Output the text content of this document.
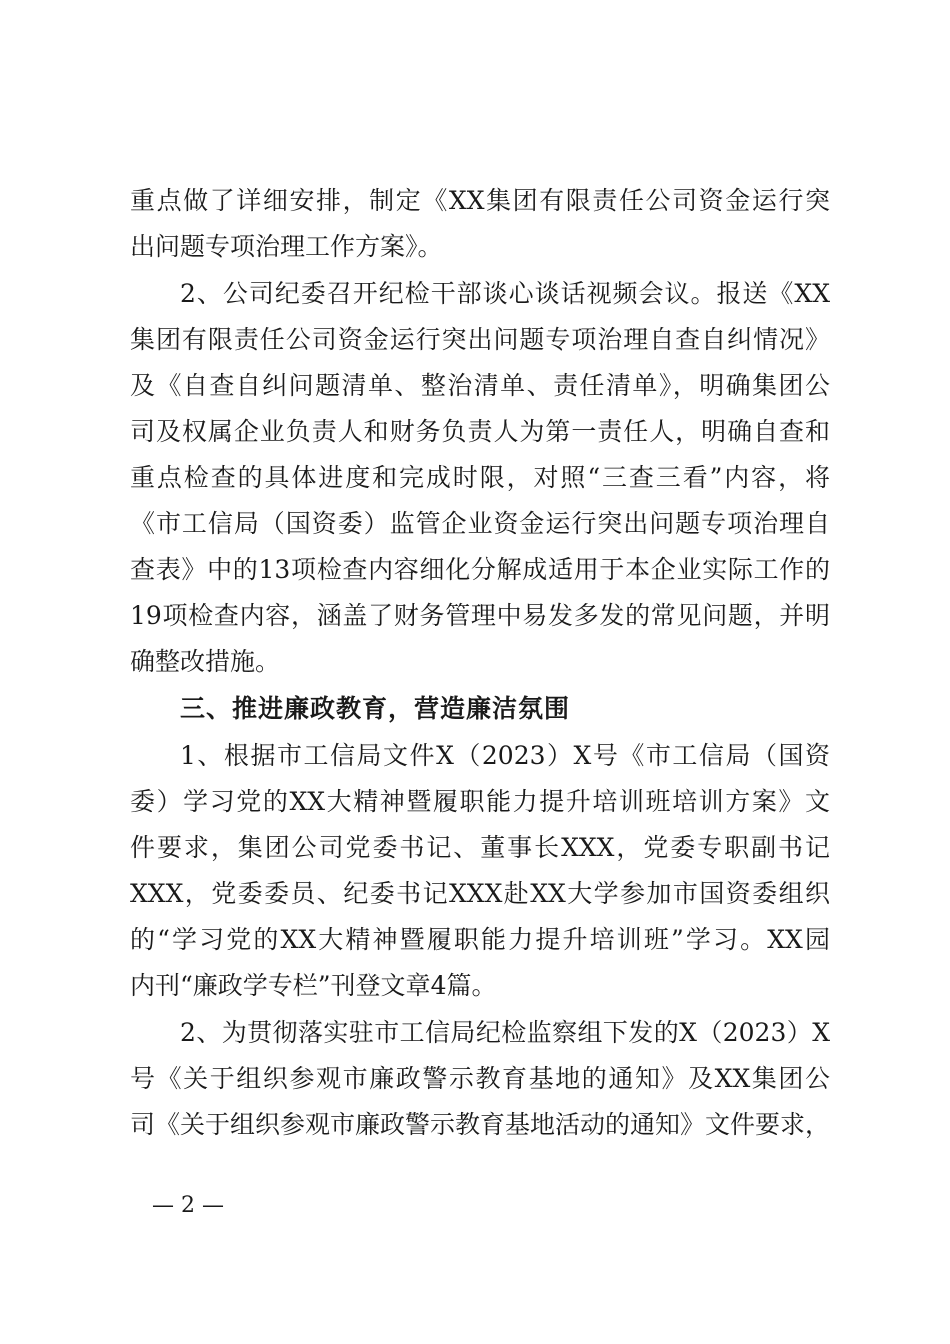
重点做了详细安排，制定《XX集团有限责任公司资金运行突
出问题专项治理工作方案》。
2、公司纪委召开纪检干部谈心谈话视频会议。报送《XX
集团有限责任公司资金运行突出问题专项治理自查自纠情况》
及《自查自纠问题清单、整治清单、责任清单》，明确集团公
司及权属企业负责人和财务负责人为第一责任人，明确自查和
重点检查的具体进度和完成时限，对照“三查三看”内容，将
《市工信局（国资委）监管企业资金运行突出问题专项治理自
查表》中的13项检查内容细化分解成适用于本企业实际工作的
19项检查内容，涵盖了财务管理中易发多发的常见问题，并明
确整改措施。
三、推进廉政教育，营造廉洁氛围
1、根据市工信局文件X（2023）X号《市工信局（国资
委）学习党的XX大精神暨履职能力提升培训班培训方案》文
件要求，集团公司党委书记、董事长XXX，党委专职副书记
XXX，党委委员、纪委书记XXX赴XX大学参加市国资委组织
的“学习党的XX大精神暨履职能力提升培训班”学习。XX园
内刊“廉政学专栏”刊登文章4篇。
2、为贯彻落实驻市工信局纪检监察组下发的X（2023）X
号《关于组织参观市廉政警示教育基地的通知》及XX集团公
司《关于组织参观市廉政警示教育基地活动的通知》文件要求，
— 2 —
